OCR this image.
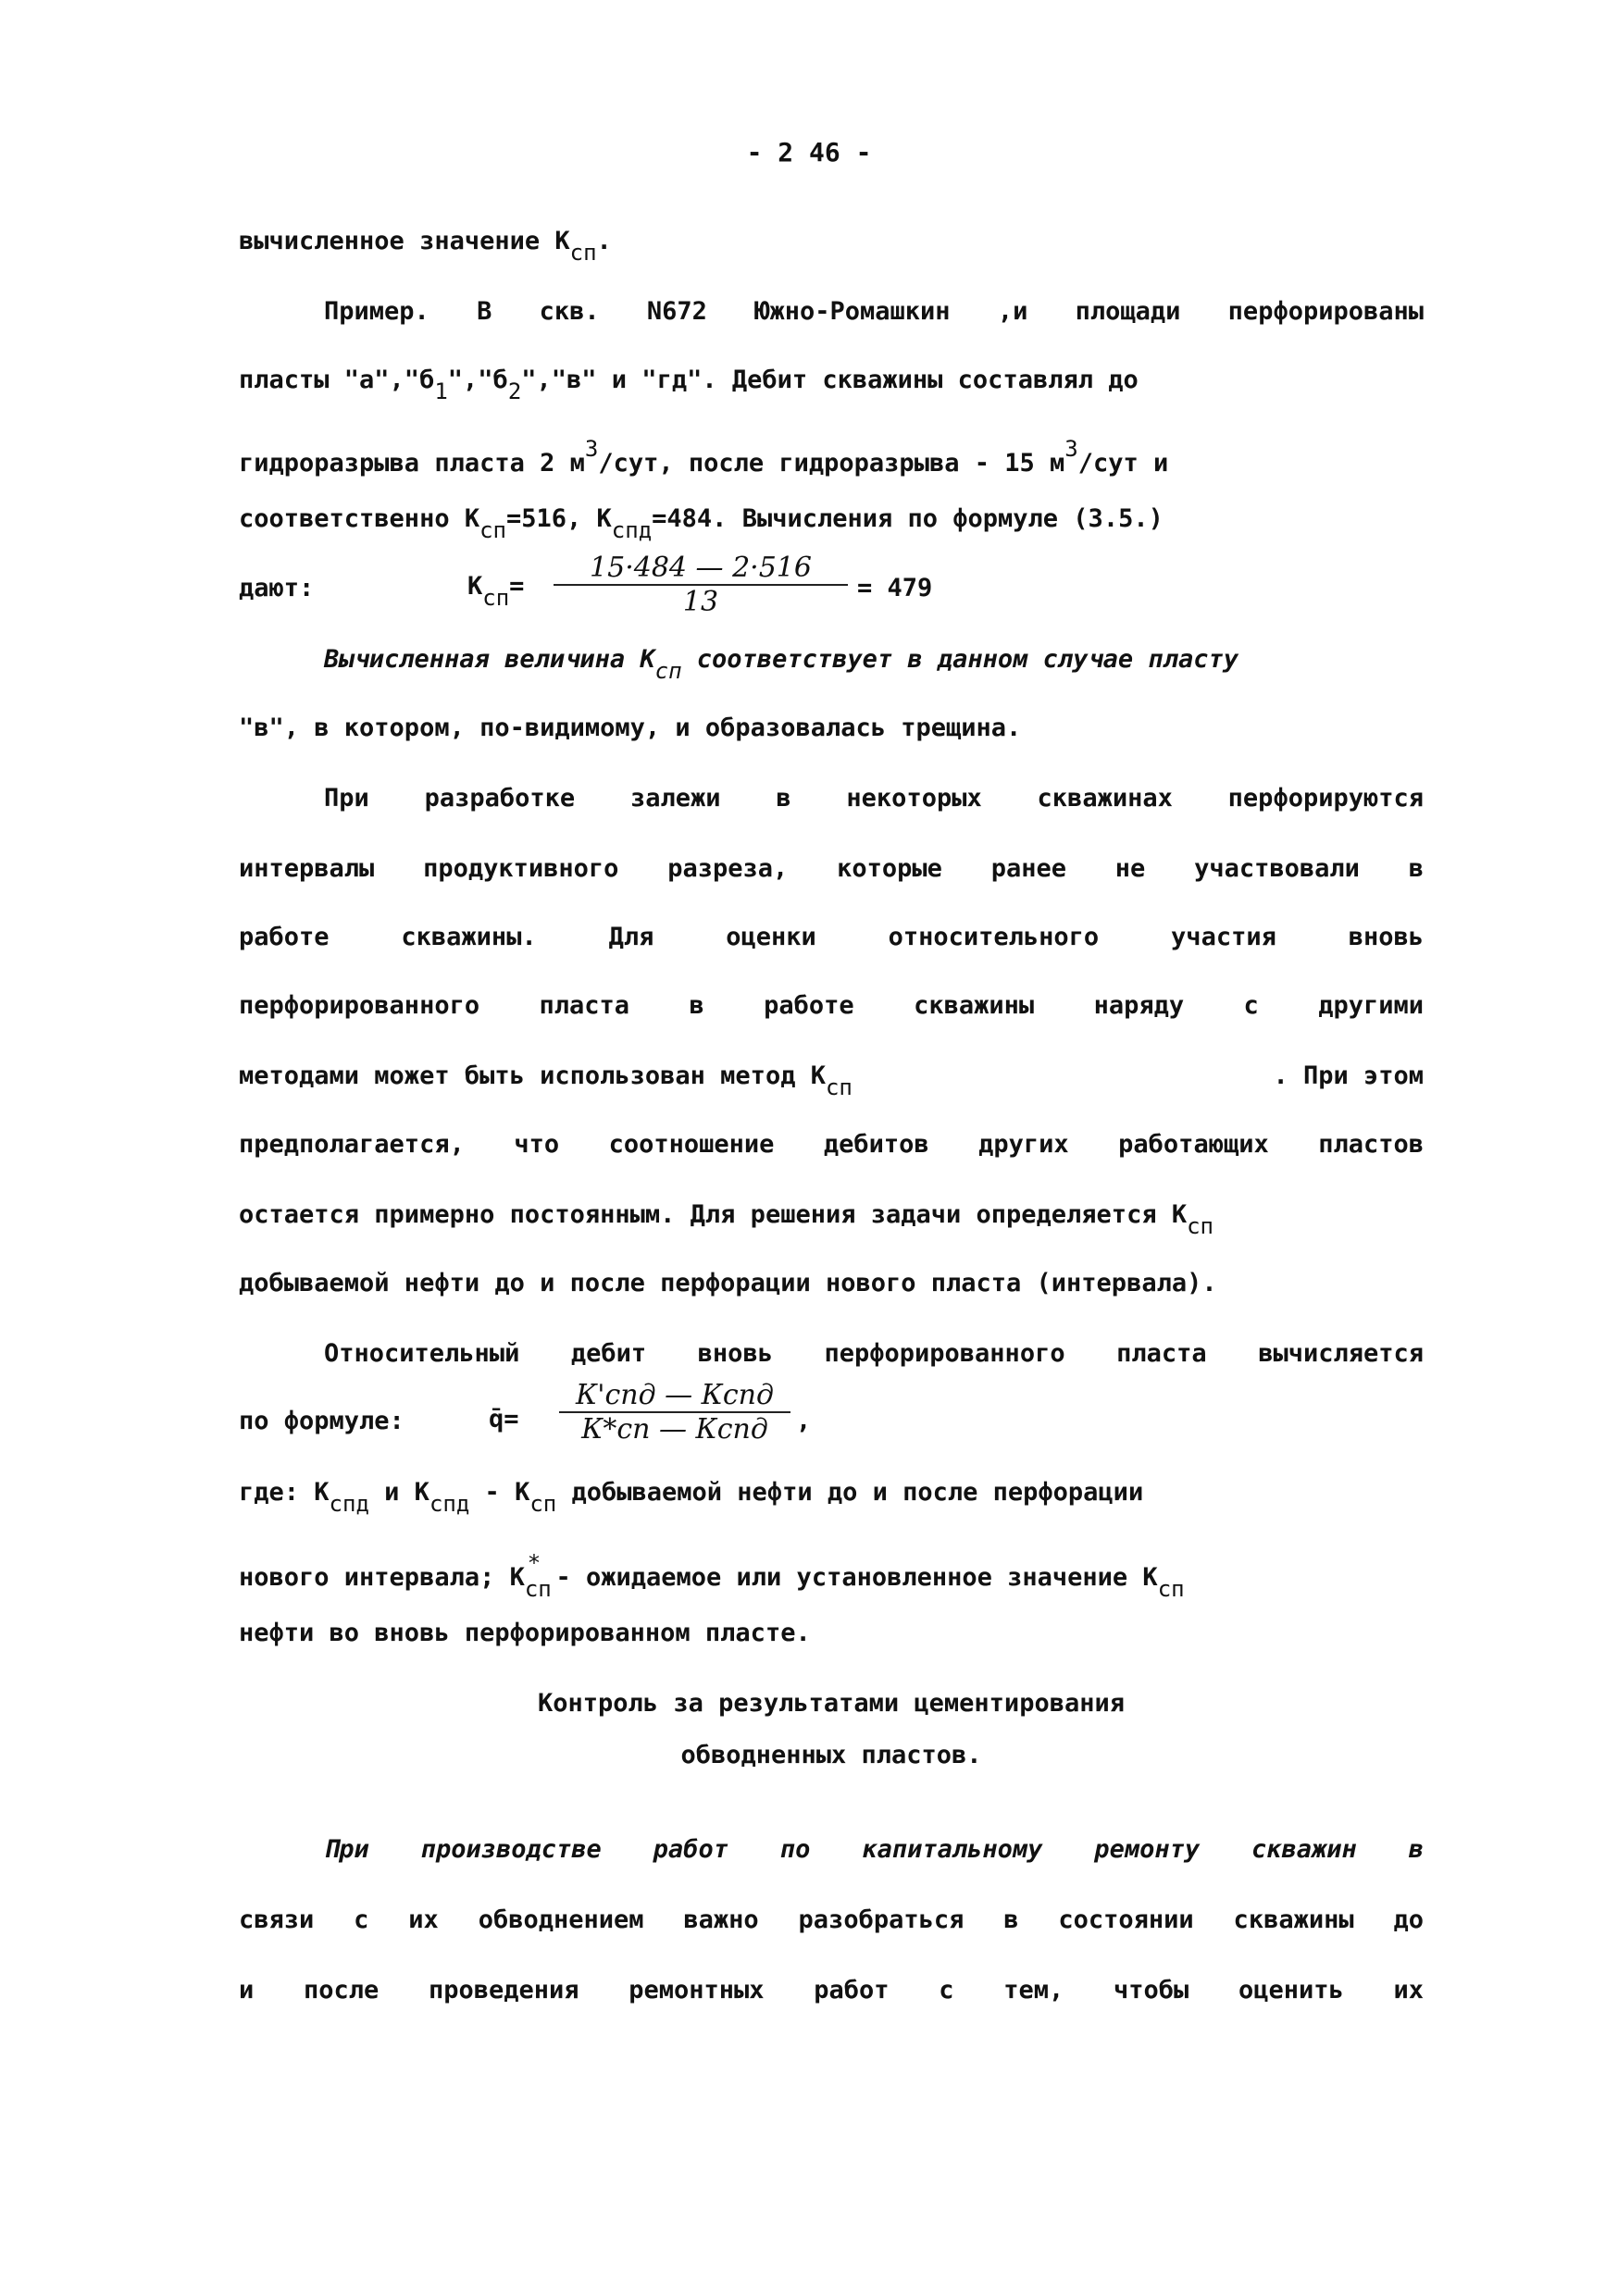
- 2 46 -
вычисленное значение $К_{сп}$.
Пример. В скв. N672 Южно-Ромашкин ,и площади перфорированы
пласты "$а","б_1","б_2","в$" и "гд". Дебит скважины составлял до
гидроразрыва пласта 2 $м^3$/сут, после гидроразрыва - 15 $м^3$/сут и
соответственно $К_{сп}=516$, $К_{спд}=484$. Вычисления по формуле (3.5.)
дают:	$К_{сп}=$
15·484 — 2·516
13	= 479
Вычисленная величина $К_{сп}$ соответствует в данном случае пласту
"в", в котором, по-видимому, и образовалась трещина.
При разработке залежи в некоторых скважинах перфорируются
интервалы продуктивного разреза, которые ранее не участвовали в
работе скважины. Для оценки относительного участия вновь
перфорированного пласта в работе скважины наряду с другими
методами может быть использован метод $К_{сп}$	. При этом
предполагается, что соотношение дебитов других работающих пластов
остается примерно постоянным. Для решения задачи определяется $К_{сп}$
добываемой нефти до и после перфорации нового пласта (интервала).
Относительный дебит вновь перфорированного пласта вычисляется
по формуле:	q̄=
К'спд — Кспд
К*сп — Кспд ,
где: $К_{спд}$ и $К_{спд} - К_{сп}$ добываемой нефти до и после перфорации
нового интервала; $К_{сп}^*$ - ожидаемое или установленное значение $К_{сп}$
нефти во вновь перфорированном пласте.
Контроль за результатами цементирования
обводненных пластов.
При производстве работ по капитальному ремонту скважин в
связи с их обводнением важно разобраться в состоянии скважины до
и после проведения ремонтных работ с тем, чтобы оценить их
